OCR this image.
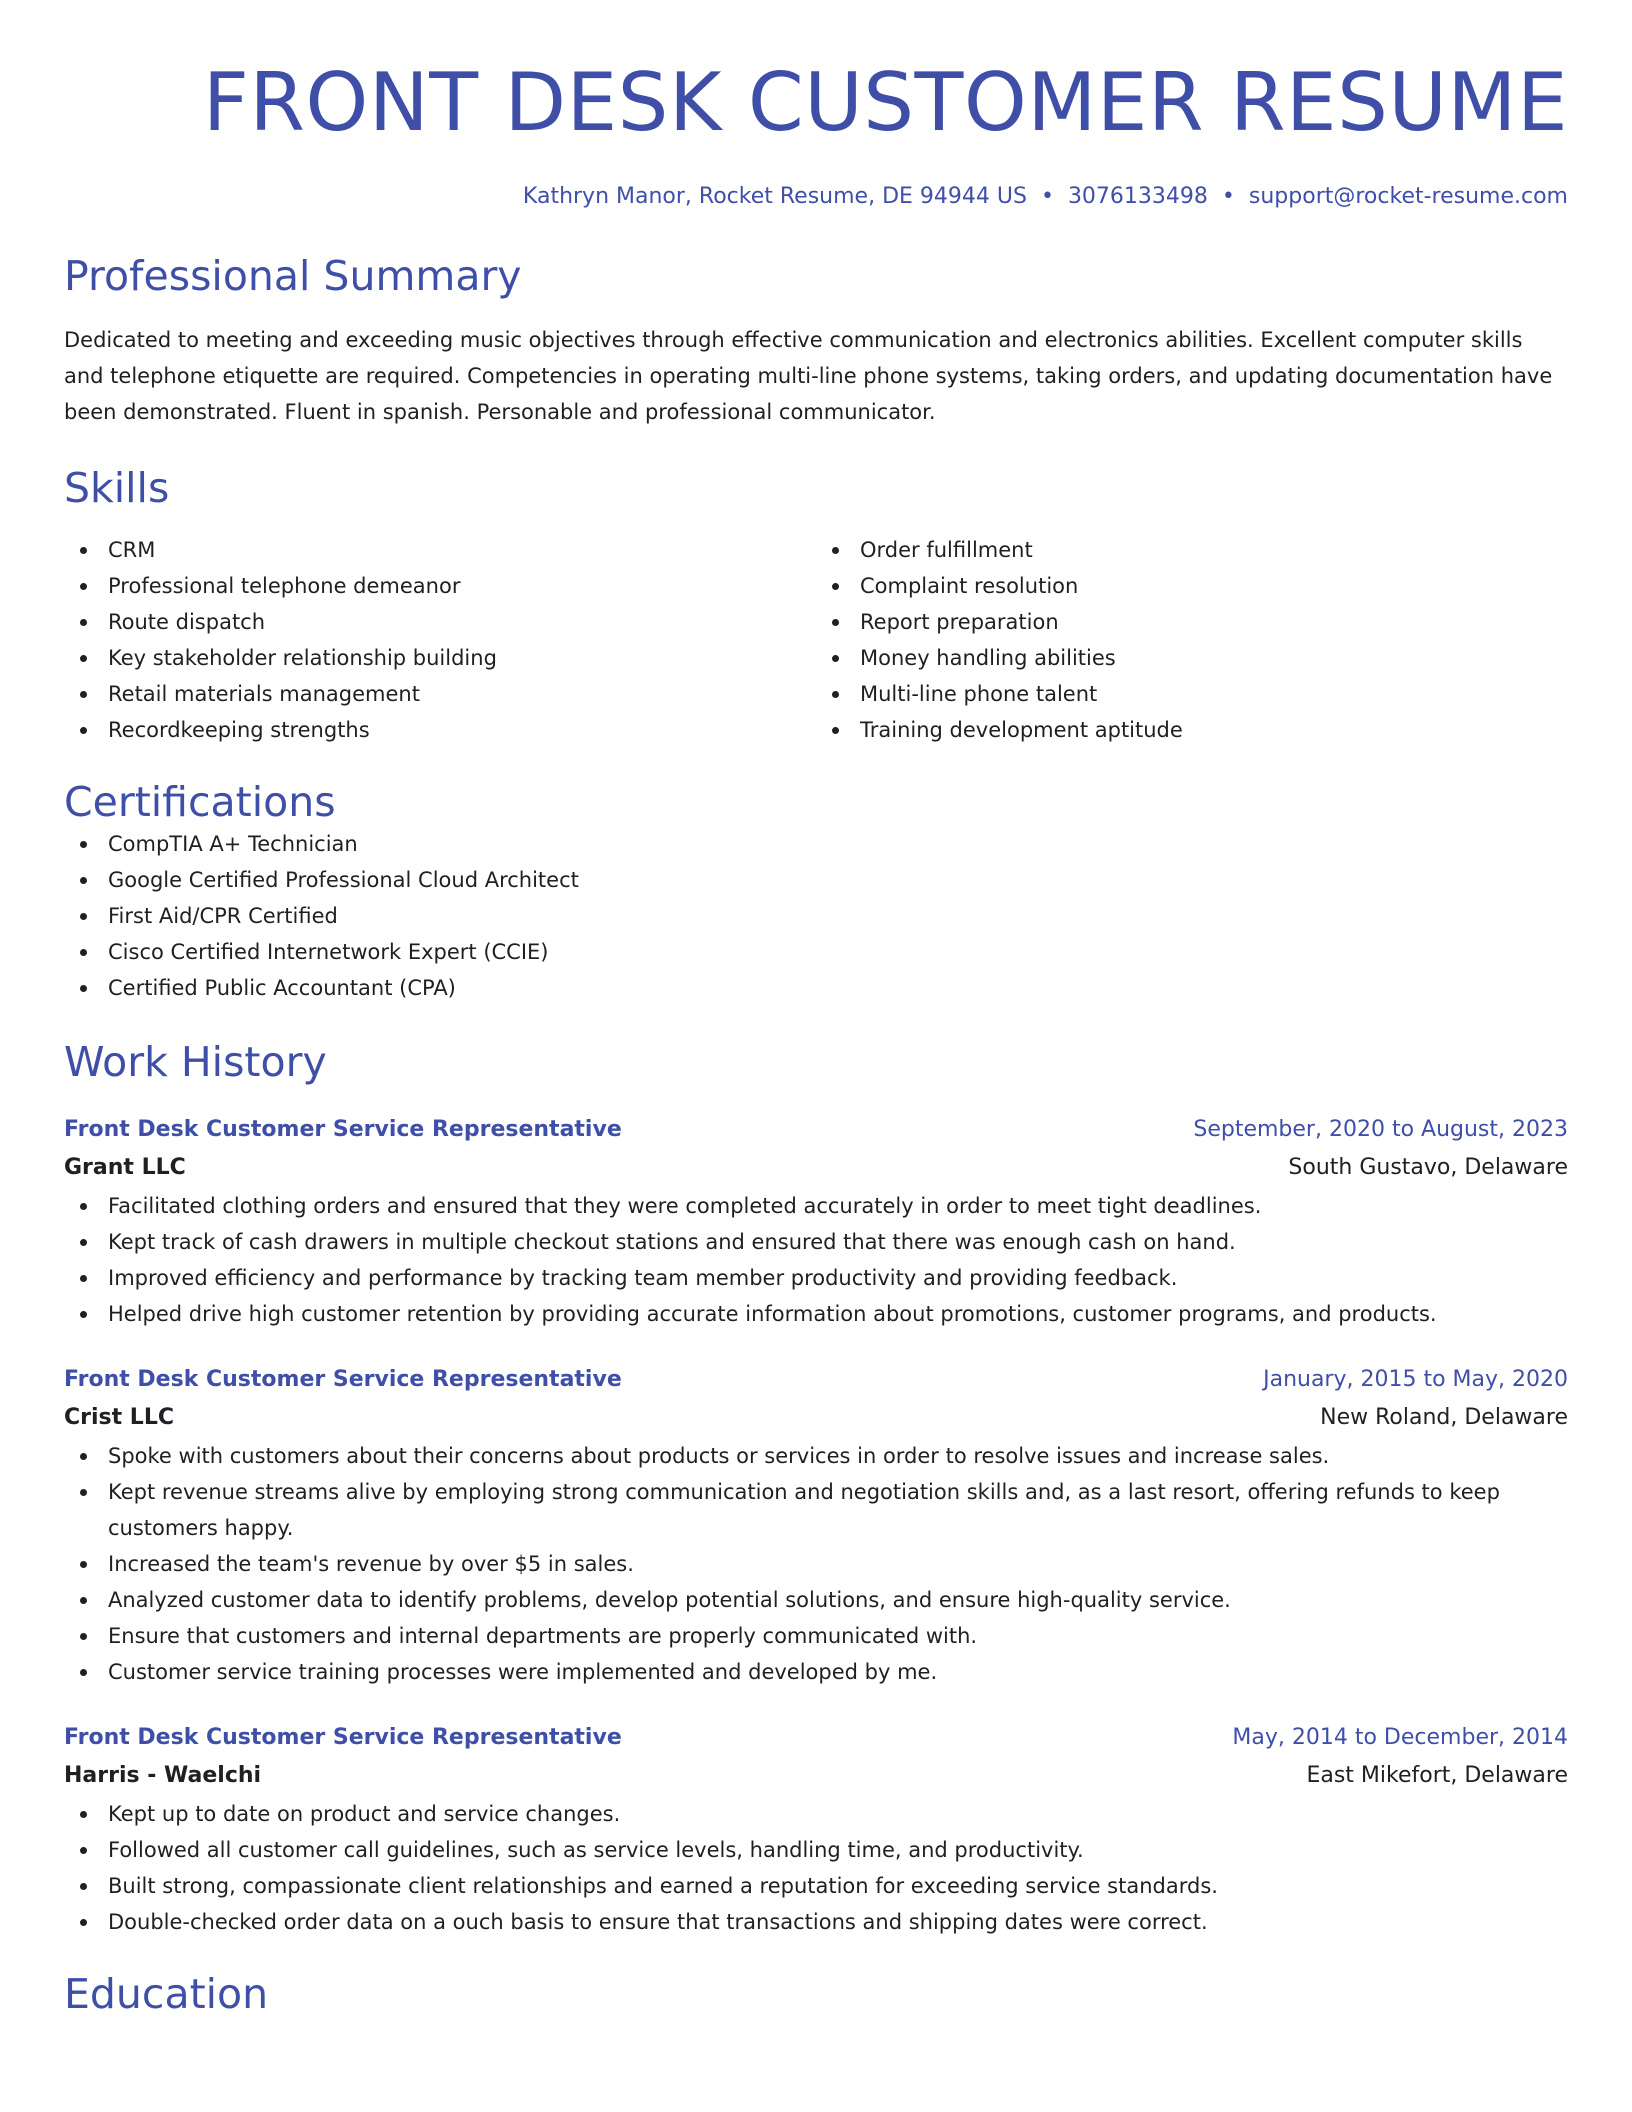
FRONT DESK CUSTOMER RESUME
Kathryn Manor, Rocket Resume, DE 94944 US • 3076133498 • support@rocket-resume.com
Professional Summary

Dedicated to meeting and exceeding music objectives through effective communication and electronics abilities. Excellent computer skills and telephone etiquette are required. Competencies in operating multi-line phone systems, taking orders, and updating documentation have been demonstrated. Fluent in spanish. Personable and professional communicator.

Skills
CRM
Professional telephone demeanor
Route dispatch
Key stakeholder relationship building
Retail materials management
Recordkeeping strengths
Order fulfillment
Complaint resolution
Report preparation
Money handling abilities
Multi-line phone talent
Training development aptitude
Certifications
CompTIA A+ Technician
Google Certified Professional Cloud Architect
First Aid/CPR Certified
Cisco Certified Internetwork Expert (CCIE)
Certified Public Accountant (CPA)
Work History
Front Desk Customer Service Representative	September, 2020 to August, 2023
Grant LLC	South Gustavo, Delaware
Facilitated clothing orders and ensured that they were completed accurately in order to meet tight deadlines.
Kept track of cash drawers in multiple checkout stations and ensured that there was enough cash on hand.
Improved efficiency and performance by tracking team member productivity and providing feedback.
Helped drive high customer retention by providing accurate information about promotions, customer programs, and products.
Front Desk Customer Service Representative	January, 2015 to May, 2020
Crist LLC	New Roland, Delaware
Spoke with customers about their concerns about products or services in order to resolve issues and increase sales.
Kept revenue streams alive by employing strong communication and negotiation skills and, as a last resort, offering refunds to keep customers happy.
Increased the team's revenue by over $5 in sales.
Analyzed customer data to identify problems, develop potential solutions, and ensure high-quality service.
Ensure that customers and internal departments are properly communicated with.
Customer service training processes were implemented and developed by me.
Front Desk Customer Service Representative	May, 2014 to December, 2014
Harris - Waelchi	East Mikefort, Delaware
Kept up to date on product and service changes.
Followed all customer call guidelines, such as service levels, handling time, and productivity.
Built strong, compassionate client relationships and earned a reputation for exceeding service standards.
Double-checked order data on a ouch basis to ensure that transactions and shipping dates were correct.
Education
